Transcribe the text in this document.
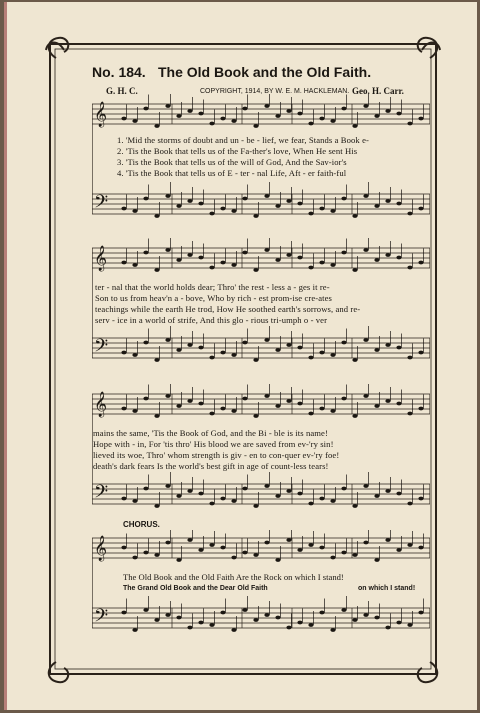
No. 184. The Old Book and the Old Faith.
G. H. C.	COPYRIGHT, 1914, BY W. E. M. HACKLEMAN. Geo. H. Carr.
𝄞
𝄢
𝄞
𝄢
𝄞
𝄢
𝄞
𝄢
1. 'Mid the storms of doubt and un - be - lief, we fear, Stands a Book e-
2. 'Tis the Book that tells us of the Fa-ther's love, When He sent His
3. 'Tis the Book that tells us of the will of God, And the Sav-ior's
4. 'Tis the Book that tells us of E - ter - nal Life, Aft - er faith-ful
ter - nal that the world holds dear; Thro' the rest - less a - ges it re-
Son to us from heav'n a - bove, Who by rich - est prom-ise cre-ates
teachings while the earth He trod, How He soothed earth's sorrows, and re-
serv - ice in a world of strife, And this glo - rious tri-umph o - ver
mains the same, 'Tis the Book of God, and the Bi - ble is its name!
Hope with - in, For 'tis thro' His blood we are saved from ev-'ry sin!
lieved its woe, Thro' whom strength is giv - en to con-quer ev-'ry foe!
death's dark fears Is the world's best gift in age of count-less tears!
CHORUS.
The Old Book and the Old Faith Are the Rock on which I stand!
The Grand Old Book and the Dear Old Faith	on which I stand!
